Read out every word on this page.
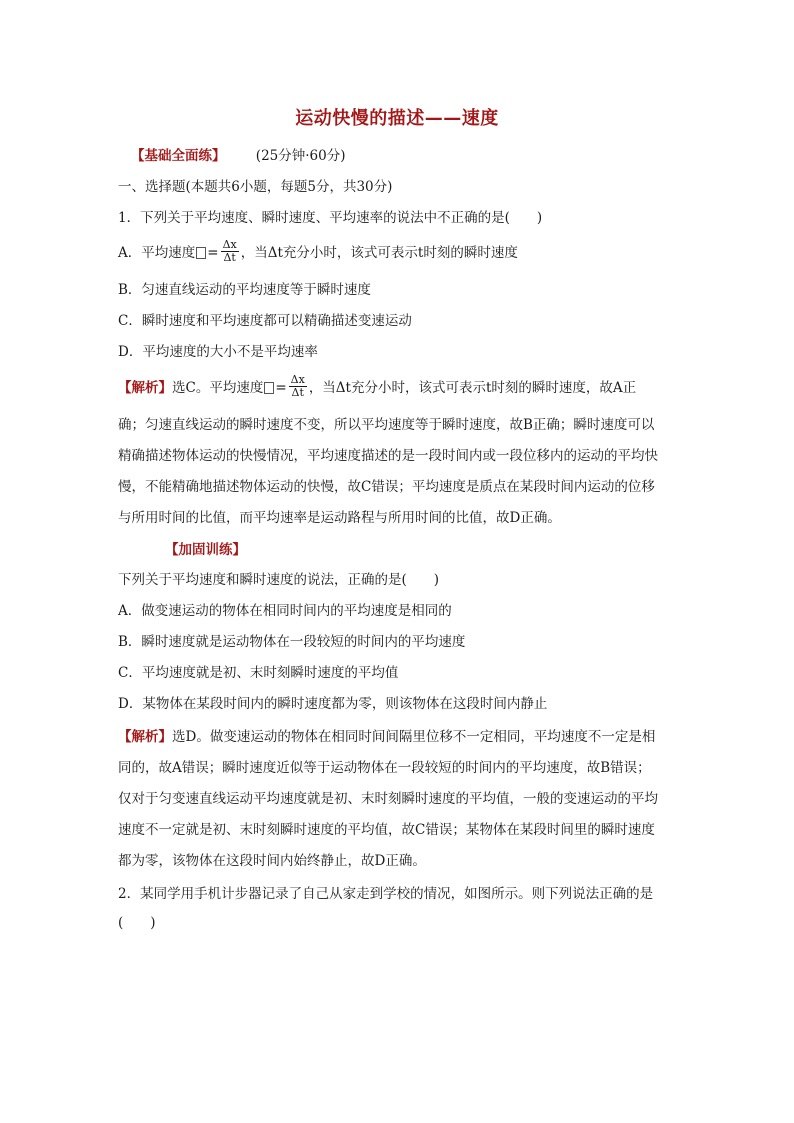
运动快慢的描述——速度
【基础全面练】 (25分钟·60分)
一、选择题(本题共6小题，每题5分，共30分)
1．下列关于平均速度、瞬时速度、平均速率的说法中不正确的是(　　)
A．平均速度 = $\frac{\Delta x}{\Delta t}$ ，当Δt充分小时，该式可表示t时刻的瞬时速度
B．匀速直线运动的平均速度等于瞬时速度
C．瞬时速度和平均速度都可以精确描述变速运动
D．平均速度的大小不是平均速率
【解析】选C。平均速度 = $\frac{\Delta x}{\Delta t}$ ，当Δt充分小时，该式可表示t时刻的瞬时速度，故A正
确；匀速直线运动的瞬时速度不变，所以平均速度等于瞬时速度，故B正确；瞬时速度可以
精确描述物体运动的快慢情况，平均速度描述的是一段时间内或一段位移内的运动的平均快
慢，不能精确地描述物体运动的快慢，故C错误；平均速度是质点在某段时间内运动的位移
与所用时间的比值，而平均速率是运动路程与所用时间的比值，故D正确。
【加固训练】
下列关于平均速度和瞬时速度的说法，正确的是(　　)
A．做变速运动的物体在相同时间内的平均速度是相同的
B．瞬时速度就是运动物体在一段较短的时间内的平均速度
C．平均速度就是初、末时刻瞬时速度的平均值
D．某物体在某段时间内的瞬时速度都为零，则该物体在这段时间内静止
【解析】选D。做变速运动的物体在相同时间间隔里位移不一定相同，平均速度不一定是相
同的，故A错误；瞬时速度近似等于运动物体在一段较短的时间内的平均速度，故B错误；
仅对于匀变速直线运动平均速度就是初、末时刻瞬时速度的平均值，一般的变速运动的平均
速度不一定就是初、末时刻瞬时速度的平均值，故C错误；某物体在某段时间里的瞬时速度
都为零，该物体在这段时间内始终静止，故D正确。
2．某同学用手机计步器记录了自己从家走到学校的情况，如图所示。则下列说法正确的是
(　　)
